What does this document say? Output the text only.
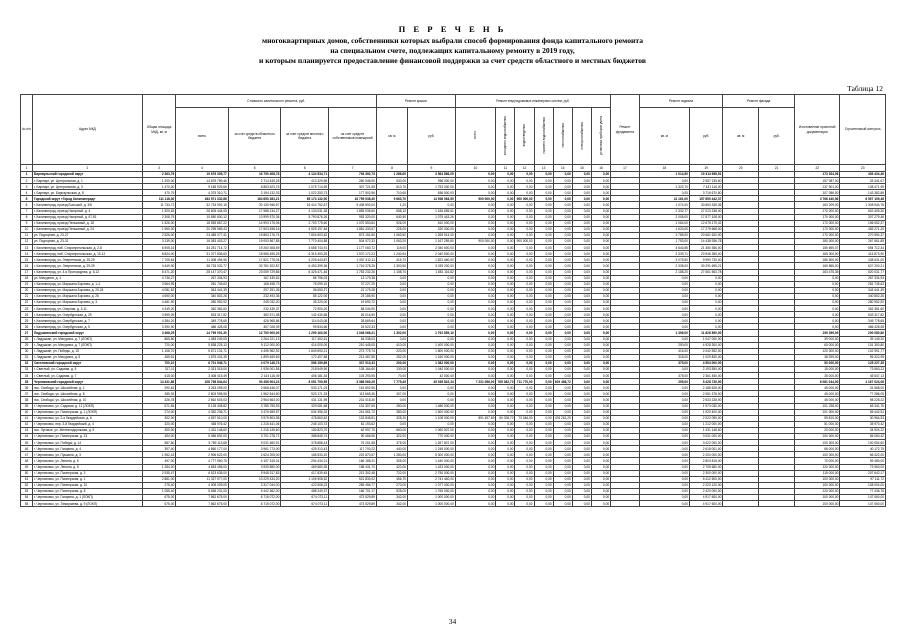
П Е Р Е Ч Е Н Ь
многоквартирных домов, собственники которых выбрали способ формирования фонда капитального ремонта
на специальном счете, подлежащих капитальному ремонту в 2019 году,
и которым планируется предоставление финансовой поддержки за счет средств областного и местных бюджетов
Таблица 12
№ п/п	Адрес МКД	Общая площадь МКД, кв. м	Стоимость капитального ремонта, руб.				Ремонт крыши		Ремонт внутридомовых инженерных систем, руб.							Ремонт фундамента	Ремонт подвала		Ремонт фасада		Изготовление проектной документации	Строительный контроль
			всего	за счет средств областного бюджета	за счет средств местного бюджета	за счет средств собственников помещений	кв. м	руб.	всего	холодного водоснабжения	водоотведения	горячего водоснабжения	теплоснабжения	электроснабжения	установка приборов учета		кв. м	руб.	кв. м	руб.		
1	2	3	4	5	6	7	8	9	10	11	12	13	14	15	16	17	18	19	20	21	22	23
1	Барнаульский городской округ	2 363,76	19 679 305,77	16 750 408,76	4 124 534,71	794 392,73	1 286,60	3 564 866,00	0,00	0,00	0,00	0,00	0,00	0,00	0,00		1 014,50	19 314 998,51			173 924,06	453 434,46
2	г. Барнаул, ул. Центральная, д. 1	1 200,00	14 875 789,46	2 714 449,28	413 329,58	260 546,90	530,00	956 000,00	0,00	0,00	0,00	0,00	0,00	0,00	0,00		0,00	2 557 135,60			157 087,00	33 341,67
3	г. Барнаул, ул. Центральная, д. 3	1 470,00	9 185 929,66	6 863 623,76	1 075 714,59	307 721,55	610,70	1 753 000,00	0,00	0,00	0,00	0,00	0,00	0,00	0,00		1 320,70	7 431 116,00			137 901,00	108 471,95
4	г. Барнаул, ул. Барнаульская, д. 8	470,79	4 375 310,71	3 194 132,33	1 022 253,73	177 502,96	710,60	656 500,00	0,00	0,00	0,00	0,00	0,00	0,00	0,00		0,00	3 716 670,80			107 056,00	143 382,86
5	Городской округ «Город Калининград»	111 118,30	183 971 332,86	164 653 283,21	65 174 132,00	16 795 938,40	9 663,70	14 508 064,50	900 000,00	0,00	900 000,00	0,00	0,00	0,00	0,00		41 161,00	157 850 442,37			3 766 440,56	6 597 109,48
6	г. Калининград, проезд Большой, д. 3/5	11 733,72	32 733 992,16	30 130 946,57	16 414 752,67	9 408 590,00	1,20	0,00	0,00	0,00	0,00	0,00	0,00	0,00	0,00		1 074,00	30 863 339,36			163 209,00	1 308 944,76
7	г. Калининград, проезд Нагорный, д. 4	1 520,63	28 605 444,05	17 588 134,27	4 133 031,28	1 855 935,60	658,10	1 166 655,61	0,00	0,00	0,00	0,00	0,00	0,00	0,00		2 332,77	27 023 338,00			170 000,00	602 405,30
8	г. Калининград, проезд Нагорный, д. 67-81	2 308,79	10 650 600,12	13 999 570,36	5 790 876,26	953 320,00	640,50	1 075 443,26	0,00	0,00	0,00	0,00	0,00	0,00	0,00		2 005,00	17 677 108,00			170 000,00	307 279,46
9	г. Калининград, проезд Пеньковый, д. 18	1 526,00	18 555 867,22	14 993 175,06	2 703 775,60	1 070 553,84	926,00	810 000,00	0,00	0,00	0,00	0,00	0,00	0,00	0,00		1 064,00	12 675 179,42			170 000,00	156 062,37
10	г. Калининград, проезд Пеньковый, д. 24	1 960,00	20 295 969,43	17 603 498,16	4 525 197,48	1 881 333,57	225,00	320 000,00	0,00	0,00	0,00	0,00	0,00	0,00	0,00		1 620,00	17 279 668,00			170 000,00	483 271,20
11	ул. Подгорная, д. 23-27	2 526,00	23 485 077,41	19 863 176,74	7 804 603,62	873 151,80	1 063,50	1 265 914,00	0,00	0,00	0,00	0,00	0,00	0,00	0,00		3 789,00	20 661 620,00			170 000,00	270 594,37
12	ул. Подгорная, д. 23-31	3 139,00	16 083 403,27	19 053 567,85	7 770 404,88	504 972,33	1 063,20	1 167 259,60	900 000,00	0,00	900 000,00	0,00	0,00	0,00	0,00		1 753,00	14 438 936,78			180 000,00	267 661,85
13	г. Калининград, наб. Старопрегольская, д. 2-8	6 905,16	34 251 714,72	19 260 308,69	4 658 743,91	1 177 060,72	119,00	2 040 600,00	0,00	0,00	0,00	0,00	0,00	0,00	0,00		4 640,85	21 350 356,00			155 690,07	594 712,34
14	г. Калининград, наб. Старопрегольская, д. 10-12	8 824,00	31 377 836,60	18 985 495,25	6 315 493,25	1 570 172,23	1 240,94	2 040 600,00	0,00	0,00	0,00	0,00	0,00	0,00	0,00		2 339,71	20 946 359,00			165 000,00	416 873,90
15	г. Калининград, ул. Энергетиков, д. 25-29	7 705,54	11 308 494,96	17 821 775,04	4 225 443,87	1 057 412,11	419,70	1 822 460,00	0,00	0,00	0,00	0,00	0,00	0,00	0,00		3 075,50	9 990 730,00			185 500,00	438 631,00
16	г. Калининград, ул. Энергетиков, д. 29-39	4 449,90	38 733 032,77	33 781 922,87	6 453 399,36	1 716 378,25	1 300,50	3 039 200,00	0,00	0,00	0,00	0,00	0,00	0,00	0,00		2 338,00	30 291 695,21			169 865,00	627 200,21
17	г. Калининград, ул. 4-я Пригородная, д. 6-12	8 471,20	28 147 370,47	23 059 729,86	6 325 471,46	1 753 232,26	1 158,70	1 881 116,82	0,00	0,00	0,00	0,00	0,00	0,00	0,00		2 188,20	27 661 563,78			163 475,35	520 031,77
18	ул. Мичурина, д. 1	4 736,27	267 334,93	167 439,62	86 796,03	13 179,38	0,00	0,00	0,00	0,00	0,00	0,00	0,00	0,00	0,00		0,00	0,00			0,00	267 334,93
19	г. Калининград, ул. Маршала Борзова, д. 1-4	3 564,95	281 745,63	168 498,73	76 099,10	37 227,25	0,00	0,00	0,00	0,00	0,00	0,00	0,00	0,00	0,00		0,00	0,00			0,00	281 745,63
20	г. Калининград, ул. Маршала Борзова, д. 20-24	4 081,52	343 441,39	297 291,35	36 650,27	21 179,28	0,00	0,00	0,00	0,00	0,00	0,00	0,00	0,00	0,00		0,00	0,00			0,00	343 441,39
21	г. Калининград, ул. Маршала Борзова, д. 26	4 690,00	340 802,26	232 493,36	85 122,00	23 186,90	0,00	0,00	0,00	0,00	0,00	0,00	0,00	0,00	0,00		0,00	0,00			0,00	340 802,26
22	г. Калининград, ул. Маршала Борзова, д. 3	4 481,90	280 952,92	245 032,20	35 220,00	19 690,72	0,00	0,00	0,00	0,00	0,00	0,00	0,00	0,00	0,00		0,00	0,00			0,00	280 952,92
23	г. Калининград, ул. Озерная, д. 3-11	4 349,20	362 381,60	232 439,37	72 900,20	58 044,90	0,00	0,00	0,00	0,00	0,00	0,00	0,00	0,00	0,00		0,00	0,00			0,00	362 381,60
24	г. Калининград, ул. Озербургская, д. 29	3 599,09	533 317,82	382 571,08	142 430,68	26 016,59	0,00	0,00	0,00	0,00	0,00	0,00	0,00	0,00	0,00		0,00	0,00			0,00	533 317,82
25	г. Калининград, ул. Озербургская, д. 7	4 384,20	349 778,65	426 965,86	114 043,08	28 669,64	0,00	0,00	0,00	0,00	0,00	0,00	0,00	0,00	0,00		0,00	0,00			0,00	349 778,65
26	г. Калининград, ул. Озербургская, д. 5	3 390,90	486 428,08	367 028,09	99 834,66	24 522,33	0,00	0,00	0,00	0,00	0,00	0,00	0,00	0,00	0,00		0,00	0,00			0,00	486 428,08
27	Ладушкинский городской округ	3 468,25	14 799 001,30	12 750 000,00	1 299 163,00	1 048 068,21	1 302,00	1 762 859,10	0,00	0,00	0,00	0,00	0,00	0,00	0,00		1 396,00	11 826 890,00			199 399,00	200 080,80
28	г. Ладушкин, ул. Мичурина, д. 7 (ЛОКП)	865,80	1 083 249,05	2 264 221,13	117 492,61	54 338,03	0,00	0,00	0,00	0,00	0,00	0,00	0,00	0,00	0,00		0,00	1 047 000,00			39 000,00	39 149,20
29	г. Ладушкин, ул. Мичурина, д. 7 (ЛОКП)	720,00	5 838 225,13	5 112 000,00	414 000,00	210 445,05	410,00	1 400 000,00	0,00	0,00	0,00	0,00	0,00	0,00	0,00		290,00	4 928 300,00			60 000,00	101 300,80
30	г. Ладушкин, ул. Победы, д. 15	1 108,70	5 671 131,71	4 496 962,92	1 849 690,21	273 775,74	220,00	1 800 000,00	0,00	0,00	0,00	0,00	0,00	0,00	0,00		416,00	2 042 552,00			120 000,00	102 991,77
31	г. Ладушкин, ул. Мичурина, д. 5	455,61	1 875 431,35	1 899 465,69	172 407,68	213 467,85	252,00	1 160 000,00	0,00	0,00	0,00	0,00	0,00	0,00	0,00		318,00	1 029 830,00			38 399,00	55 322,95
32	Светловский городской округ	700,10	6 701 546,71	4 079 148,74	596 159,89	337 913,33	200,00	1 082 000,00	0,00	0,00	0,00	0,00	0,00	0,00	0,00		375,00	4 554 000,00			50 000,00	125 227,35
33	г. Светлый, ул. Садовая, д. 5	317,11	2 313 315,00	1 936 001,55	218 549,90	135 164,60	130,00	1 040 000,00	0,00	0,00	0,00	0,00	0,00	0,00	0,00		0,00	2 193 550,00			15 000,00	73 563,22
34	г. Светлый, ул. Садовая, д. 7	415,00	3 408 415,49	2 143 116,49	406 181,34	103 293,95	70,00	42 000,00	0,00	0,00	0,00	0,00	0,00	0,00	0,00		375,00	2 361 450,00			35 000,00	45 547,13
35	Черняховский городской округ	14 431,86	108 798 844,64	93 456 004,24	8 051 790,95	3 386 060,29	7 775,49	45 939 822,34	7 231 056,00	765 082,70	711 770,00	0,00	619 466,72	0,00	0,00		295,00	5 428 730,00			6 081 044,00	1 167 024,06
36	пос. Свобода, ул. Шоссейная, д. 1	290,62	3 263 095,00	2 668 446,07	533 171,03	151 692,96	0,00	0,00	0,00	0,00	0,00	0,00	0,00	0,00	0,00		0,00	2 188 525,00			45 000,00	31 568,00
37	пос. Свобода, ул. Шоссейная, д. 8	285,92	2 803 955,55	1 962 544,50	523 171,33	113 665,36	307,00	0,00	0,00	0,00	0,00	0,00	0,00	0,00	0,00		0,00	2 051 375,00			45 000,00	77 286,05
38	пос. Свобода, ул. Шоссейная, д. 10	326,78	2 662 503,03	2 954 663,00	431 131,95	231 015,30	0,00	0,00	0,00	0,00	0,00	0,00	0,00	0,00	0,00		0,00	2 533 228,00			45 000,00	98 225,22
39	г. Черняховск, ул. Садовая, д. 12 (ЛОКП)	671,84	5 128 408,82	3 785 755,93	329 081,68	131 307,65	280,00	1 486 000,00	0,00	0,00	0,00	0,00	0,00	0,00	0,00		0,00	1 973 030,00			101 238,00	65 341,76
40	г. Черняховск, ул. Пионерская, д. 1 (ЛОКП)	274,00	4 352 236,71	3 476 659,57	634 396,33	241 561,72	380,00	1 500 000,00	0,00	0,00	0,00	0,00	0,00	0,00	0,00		0,00	1 920 400,00			101 000,00	55 442,51
41	г. Черняховск, ул. 2-я Гвардейская, д. 6	302,00	4 557 510,00	3 979 803,98	478 863,62	102 845,81	325,20	1 108 000,00	891 497,69	60 028,70	73 046,00	0,00	476 261,29	0,00	0,00		0,00	2 022 090,00			59 810,00	30 964,53
42	г. Черняховск, пер. 3-й Гвардейский, д. 4	320,00	458 976,42	1 215 441,06	245 103,73	81 193,62	0,00	0,00	0,00	0,00	0,00	0,00	0,00	0,00	0,00		0,00	1 212 000,00			51 000,00	35 970,42
43	пос. Луговое, ул. Железнодорожная, д. 5	300,00	1 431 148,60	1 216 149,60	150 823,70	62 997,70	660,00	1 060 507,00	0,00	0,00	0,00	0,00	0,00	0,00	0,00		0,00	1 431 148,60			20 000,00	34 924,22
44	г. Черняховск, ул. Пионерская, д. 13	454,00	5 086 892,00	3 701 278,72	388 845,74	90 466,96	322,00	770 000,00	0,00	0,00	0,00	0,00	0,00	0,00	0,00		0,00	3 031 000,00			100 000,00	56 060,42
45	г. Черняховск, ул. Победы, д. 14	587,60	5 789 113,68	5 031 560,91	378 888,43	76 261,58	375,00	1 267 807,00	0,00	0,00	0,00	0,00	0,00	0,00	0,00		0,00	3 022 000,00			100 000,00	100 054,60
46	г. Черняховск, ул. Гагарина, д. 4	397,40	4 860 177,00	3 961 773,00	429 313,43	117 700,22	440,00	1 245 000,00	0,00	0,00	0,00	0,00	0,00	0,00	0,00		0,00	2 618 001,00			66 000,00	40 172,79
47	г. Черняховск, ул. Пушкина, д. 3	1 952,43	2 906 622,00	2 624 205,00	165 533,20	222 870,57	1 280,00	5 300 000,00	0,00	0,00	0,00	0,00	0,00	0,00	0,00		0,00	2 200 000,00			100 000,00	56 422,00
48	г. Черняховск, ул. Ленина, д. 6	497,00	4 777 960,75	4 157 315,31	254 434,21	166 185,21	305,00	1 440 000,00	0,00	0,00	0,00	0,00	0,00	0,00	0,00		0,00	2 803 815,00			70 000,00	59 480,00
49	г. Черняховск, ул. Ленина, д. 8	1 284,00	4 653 496,00	3 939 880,00	469 680,35	158 431,70	420,00	1 433 000,00	0,00	0,00	0,00	0,00	0,00	0,00	0,00		0,00	2 705 680,00			120 000,00	73 960,00
50	г. Черняховск, ул. Пионерская, д. 3	2 935,47	6 523 635,00	5 948 317,83	417 839,45	213 302,48	722,00	2 750 000,00	0,00	0,00	0,00	0,00	0,00	0,00	0,00		0,00	2 300 000,00			115 000,00	207 642,17
51	г. Черняховск, ул. Пионерская, д. 1	2 881,00	11 327 977,00	10 229 434,20	1 105 908,52	521 830,02	456,70	2 741 440,00	0,00	0,00	0,00	0,00	0,00	0,00	0,00		0,00	5 412 500,00			100 000,00	97 111,72
52	г. Черняховск, ул. Пионерская, д. 10	275,40	4 005 009,00	3 317 044,00	422 508,23	265 456,77	270,00	1 077 000,00	0,00	0,00	0,00	0,00	0,00	0,00	0,00		0,00	2 220 120,00			100 000,00	108 004,00
53	г. Черняховск, ул. Пионерская, д. 8	1 055,40	5 658 231,00	5 442 362,00	488 249,37	166 701,17	528,00	1 765 000,00	0,00	0,00	0,00	0,00	0,00	0,00	0,00		0,00	2 420 000,00			120 000,00	77 436,76
54	г. Черняховск, ул. Гагарина, д. 1 (ЛОКП)	675,00	7 862 675,00	6 715 072,00	674 073,11	473 529,89	342,00	1 000 000,00	0,00	0,00	0,00	0,00	0,00	0,00	0,00		0,00	4 917 600,00			100 000,00	147 060,00
55	г. Черняховск, ул. Тимирязева, д. 9 (ЛОКП)	675,00	7 862 675,00	6 715 072,00	674 073,11	473 529,89	342,00	1 000 000,00	0,00	0,00	0,00	0,00	0,00	0,00	0,00		0,00	4 917 600,00			100 000,00	147 060,00
34
